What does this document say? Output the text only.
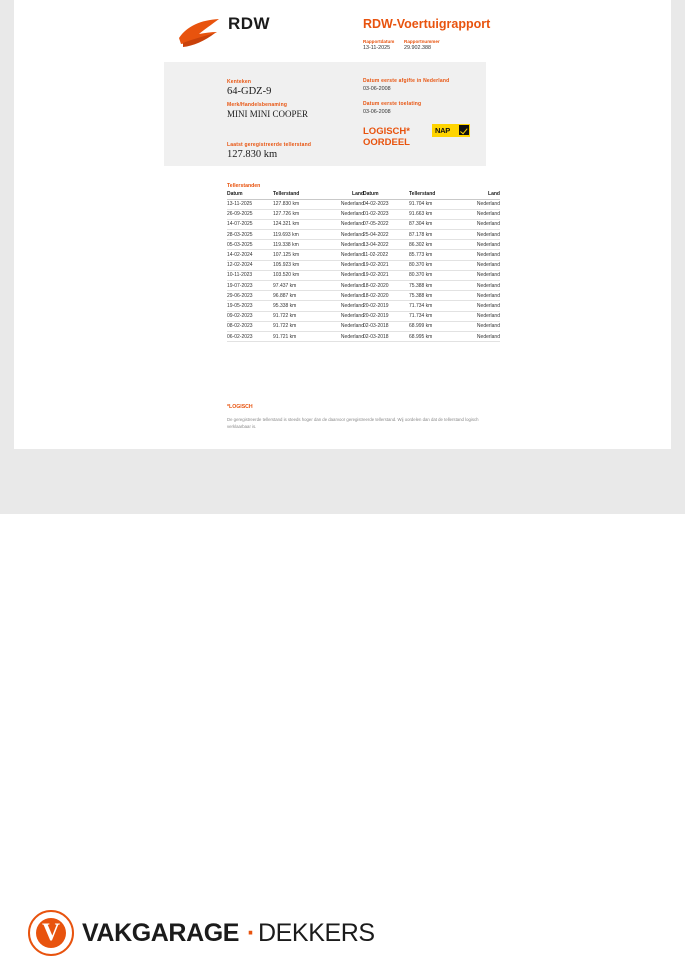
RDW	RDW-Voertuigrapport
Rapportdatum Rapportnummer
13-11-2025	29.902.388
Kenteken
64-GDZ-9
Merk/Handelsbenaming
MINI MINI COOPER
Laatst geregistreerde tellerstand
127.830 km
Datum eerste afgifte in Nederland
03-06-2008
Datum eerste toelating
03-06-2008
LOGISCH*
OORDEEL
NAP
Tellerstanden
Datum	Tellerstand	Land
13-11-2025	127.830 km	Nederland
26-09-2025	127.726 km	Nederland
14-07-2025	124.321 km	Nederland
28-03-2025	119.693 km	Nederland
05-03-2025	119.338 km	Nederland
14-02-2024	107.125 km	Nederland
12-02-2024	105.923 km	Nederland
10-11-2023	103.520 km	Nederland
19-07-2023	97.437 km	Nederland
29-06-2023	96.887 km	Nederland
19-05-2023	95.338 km	Nederland
09-02-2023	91.722 km	Nederland
08-02-2023	91.722 km	Nederland
06-02-2023	91.721 km	Nederland
Datum	Tellerstand	Land
04-02-2023	91.704 km	Nederland
01-02-2023	91.663 km	Nederland
07-05-2022	87.304 km	Nederland
25-04-2022	87.178 km	Nederland
13-04-2022	86.302 km	Nederland
11-02-2022	85.773 km	Nederland
19-02-2021	80.370 km	Nederland
19-02-2021	80.370 km	Nederland
18-02-2020	75.388 km	Nederland
18-02-2020	75.388 km	Nederland
20-02-2019	71.734 km	Nederland
20-02-2019	71.734 km	Nederland
02-03-2018	68.999 km	Nederland
02-03-2018	68.995 km	Nederland
*LOGISCH
De geregistreerde tellerstand is steeds hoger dan de daarvoor geregistreerde tellerstand. Wij oordelen dan dat de tellerstand logisch verklaarbaar is.
V VAKGARAGE · DEKKERS
